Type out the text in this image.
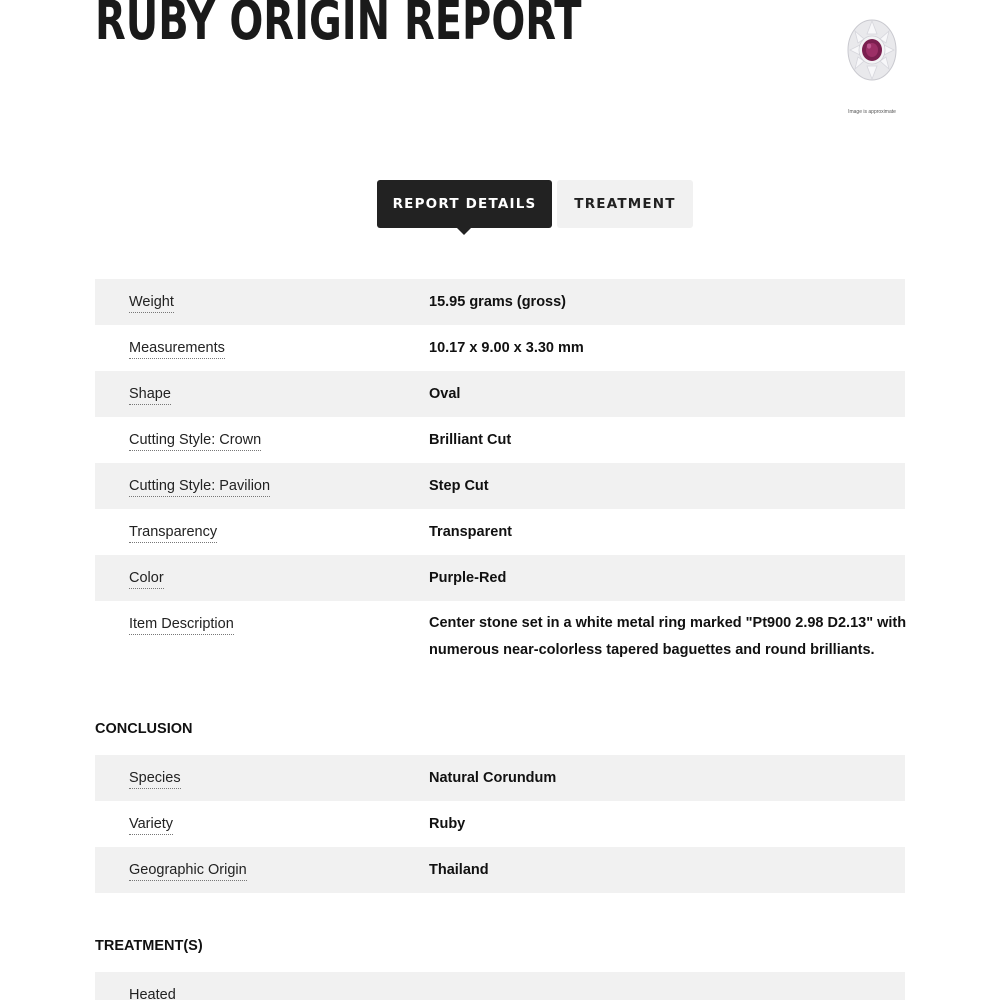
RUBY ORIGIN REPORT
Image is approximate
REPORT DETAILS	TREATMENT
Weight	15.95 grams (gross)
Measurements	10.17 x 9.00 x 3.30 mm
Shape	Oval
Cutting Style: Crown	Brilliant Cut
Cutting Style: Pavilion	Step Cut
Transparency	Transparent
Color	Purple-Red
Item Description	Center stone set in a white metal ring marked "Pt900 2.98 D2.13" with numerous near-colorless tapered baguettes and round brilliants.
CONCLUSION
Species	Natural Corundum
Variety	Ruby
Geographic Origin	Thailand
TREATMENT(S)
Heated
